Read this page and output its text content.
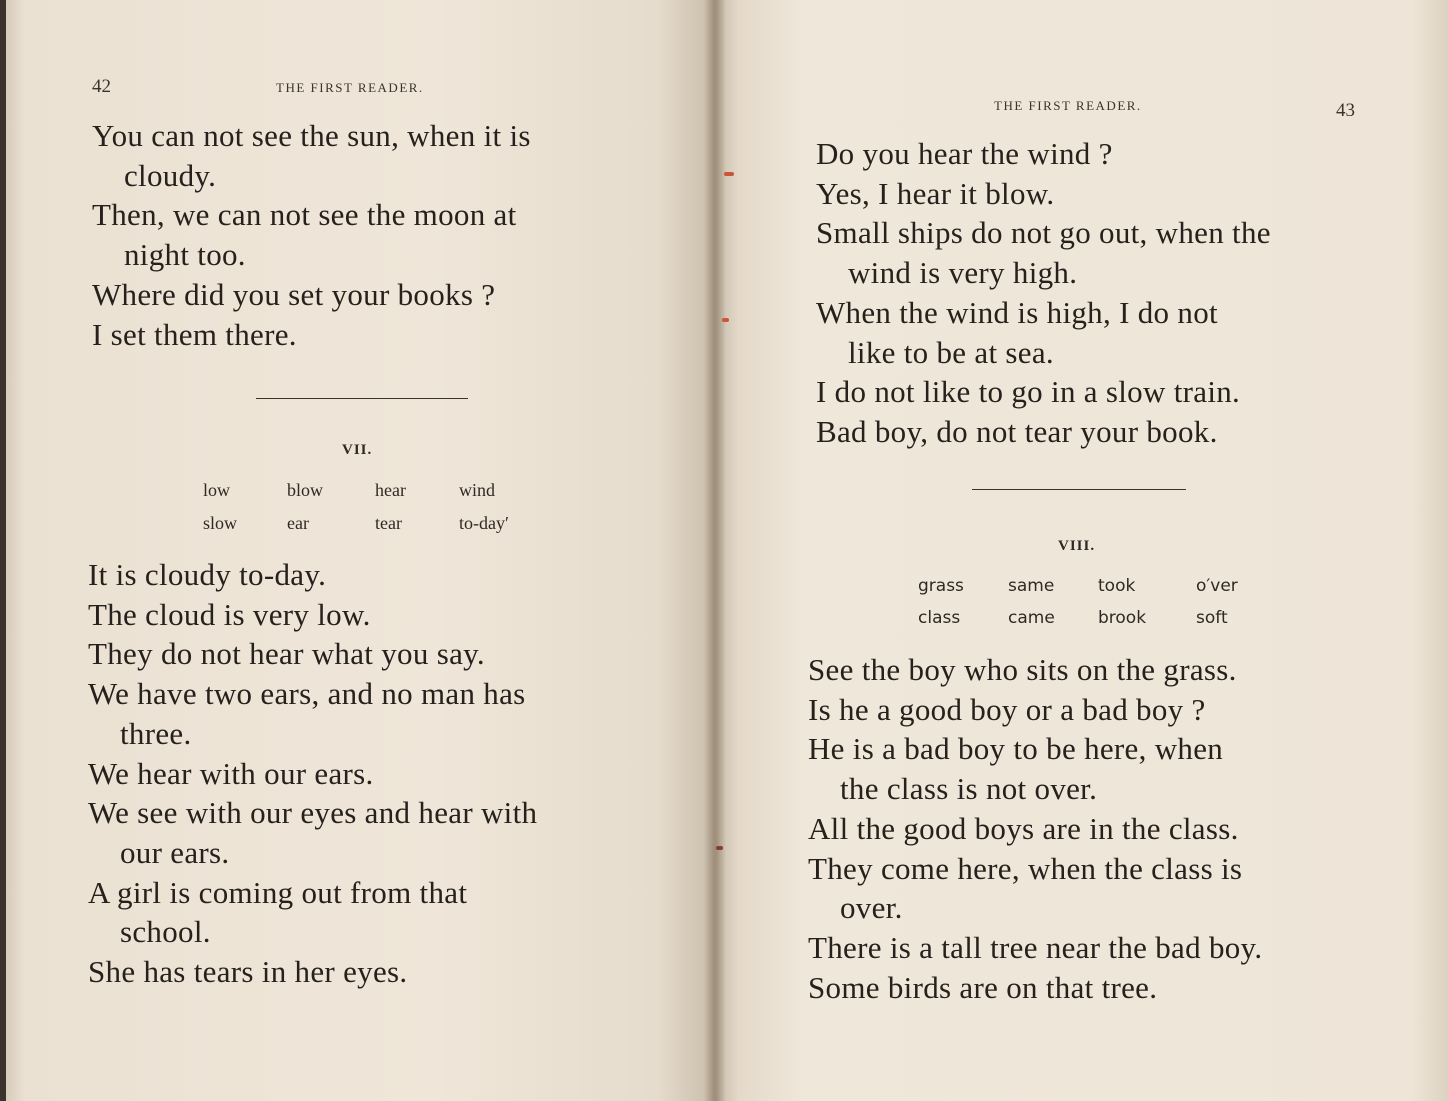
42	THE FIRST READER.
You can not see the sun, when it is
cloudy.
Then, we can not see the moon at
night too.
Where did you set your books ?
I set them there.
VII.
low	blow	hear	wind
slow	ear	tear	to-day′
It is cloudy to-day.
The cloud is very low.
They do not hear what you say.
We have two ears, and no man has
three.
We hear with our ears.
We see with our eyes and hear with
our ears.
A girl is coming out from that
school.
She has tears in her eyes.
THE FIRST READER.	43
Do you hear the wind ?
Yes, I hear it blow.
Small ships do not go out, when the
wind is very high.
When the wind is high, I do not
like to be at sea.
I do not like to go in a slow train.
Bad boy, do not tear your book.
VIII.
grass	same	took	o′ver
class	came	brook	soft
See the boy who sits on the grass.
Is he a good boy or a bad boy ?
He is a bad boy to be here, when
the class is not over.
All the good boys are in the class.
They come here, when the class is
over.
There is a tall tree near the bad boy.
Some birds are on that tree.
